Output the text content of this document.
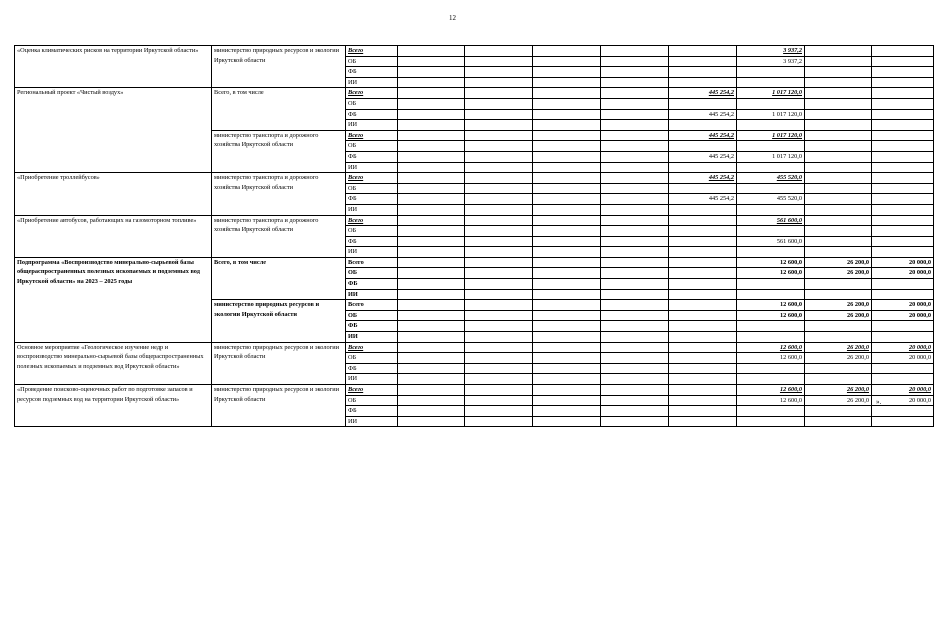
12
«Оценка климатических рисков на территории Иркутской области»	министерство природных ресурсов и экологии Иркутской области	Всего						3 937,2		
		ОБ						3 937,2		
		ФБ								
		ИИ								
Региональный проект «Чистый воздух»	Всего, в том числе	Всего					445 254,2	1 017 120,0		
		ОБ								
		ФБ					445 254,2	1 017 120,0		
		ИИ								
	министерство транспорта и дорожного хозяйства Иркутской области	Всего					445 254,2	1 017 120,0		
		ОБ								
		ФБ					445 254,2	1 017 120,0		
		ИИ								
«Приобретение троллейбусов»	министерство транспорта и дорожного хозяйства Иркутской области	Всего					445 254,2	455 520,0		
		ОБ								
		ФБ					445 254,2	455 520,0		
		ИИ								
«Приобретение автобусов, работающих на газомоторном топливе»	министерство транспорта и дорожного хозяйства Иркутской области	Всего						561 600,0		
		ОБ								
		ФБ						561 600,0		
		ИИ								
Подпрограмма «Воспроизводство минерально-сырьевой базы общераспространенных полезных ископаемых и подземных вод Иркутской области» на 2023 – 2025 годы	Всего, в том числе	Всего						12 600,0	26 200,0	20 000,0
		ОБ						12 600,0	26 200,0	20 000,0
		ФБ								
		ИИ								
	министерство природных ресурсов и экологии Иркутской области	Всего						12 600,0	26 200,0	20 000,0
		ОБ						12 600,0	26 200,0	20 000,0
		ФБ								
		ИИ								
Основное мероприятие «Геологическое изучение недр и воспроизводство минерально-сырьевой базы общераспространенных полезных ископаемых и подземных вод Иркутской области»	министерство природных ресурсов и экологии Иркутской области	Всего						12 600,0	26 200,0	20 000,0
		ОБ						12 600,0	26 200,0	20 000,0
		ФБ								
		ИИ								
«Проведение поисково-оценочных работ по подготовке запасов и ресурсов подземных вод на территории Иркутской области»	министерство природных ресурсов и экологии Иркутской области	Всего						12 600,0	26 200,0	20 000,0
		ОБ						12 600,0	26 200,0	20 000,0
		ФБ								
		ИИ								
».
